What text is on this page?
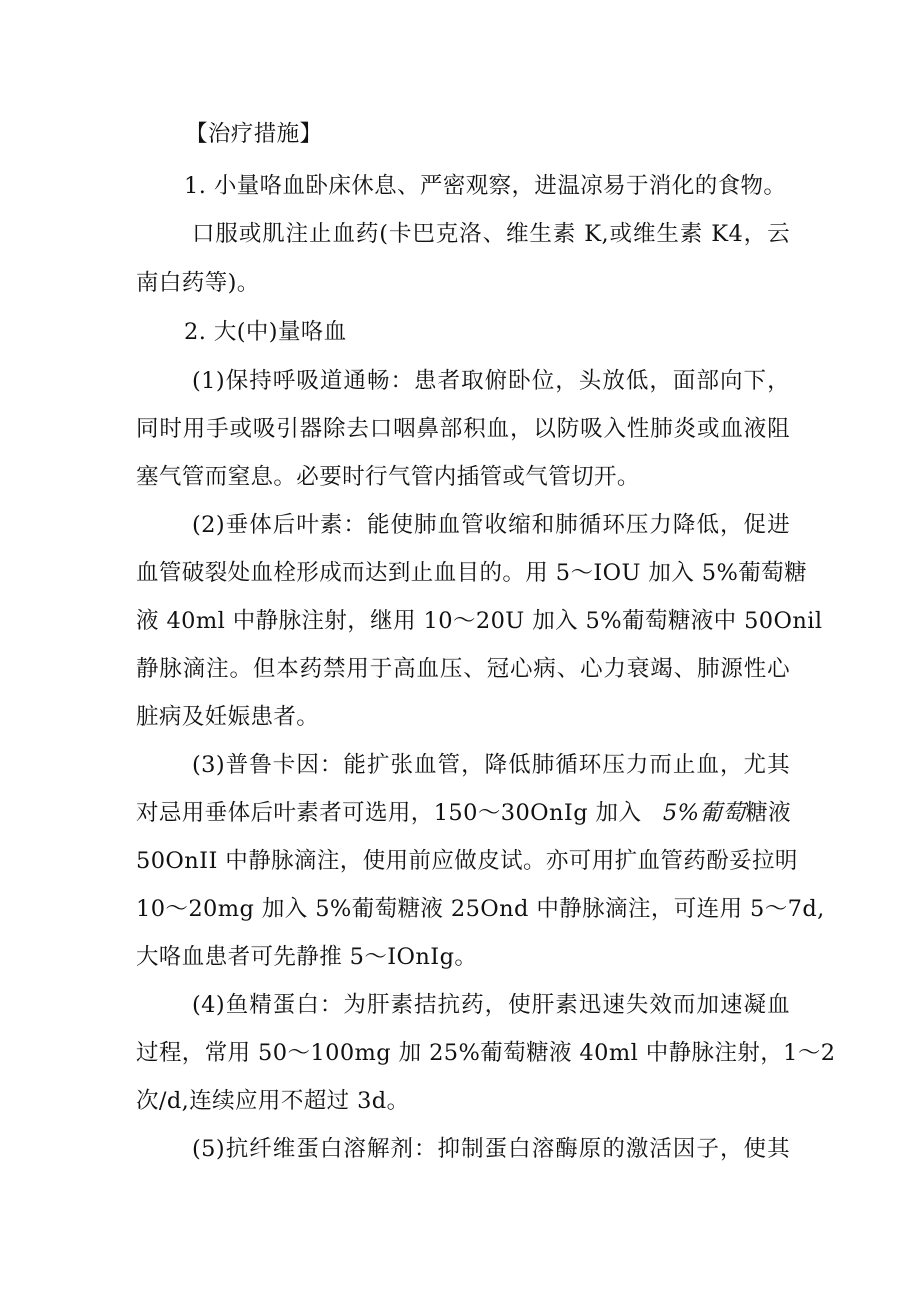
【治疗措施】
1. 小量咯血卧床休息、严密观察，进温凉易于消化的食物。
口服或肌注止血药(卡巴克洛、维生素 K,或维生素 K4，云
南白药等)。
2. 大(中)量咯血
(1)保持呼吸道通畅：患者取俯卧位，头放低，面部向下，
同时用手或吸引器除去口咽鼻部积血，以防吸入性肺炎或血液阻
塞气管而窒息。必要时行气管内插管或气管切开。
(2)垂体后叶素：能使肺血管收缩和肺循环压力降低，促进
血管破裂处血栓形成而达到止血目的。用 5～IOU 加入 5%葡萄糖
液 40ml 中静脉注射，继用 10～20U 加入 5%葡萄糖液中 50Onil
静脉滴注。但本药禁用于高血压、冠心病、心力衰竭、肺源性心
脏病及妊娠患者。
(3)普鲁卡因：能扩张血管，降低肺循环压力而止血，尤其
对忌用垂体后叶素者可选用，150～30OnIg 加入 5%葡萄糖液
50OnII 中静脉滴注，使用前应做皮试。亦可用扩血管药酚妥拉明
10～20mg 加入 5%葡萄糖液 25Ond 中静脉滴注，可连用 5～7d,
大咯血患者可先静推 5～IOnIg。
(4)鱼精蛋白：为肝素拮抗药，使肝素迅速失效而加速凝血
过程，常用 50～100mg 加 25%葡萄糖液 40ml 中静脉注射，1～2
次/d,连续应用不超过 3d。
(5)抗纤维蛋白溶解剂：抑制蛋白溶酶原的激活因子，使其
